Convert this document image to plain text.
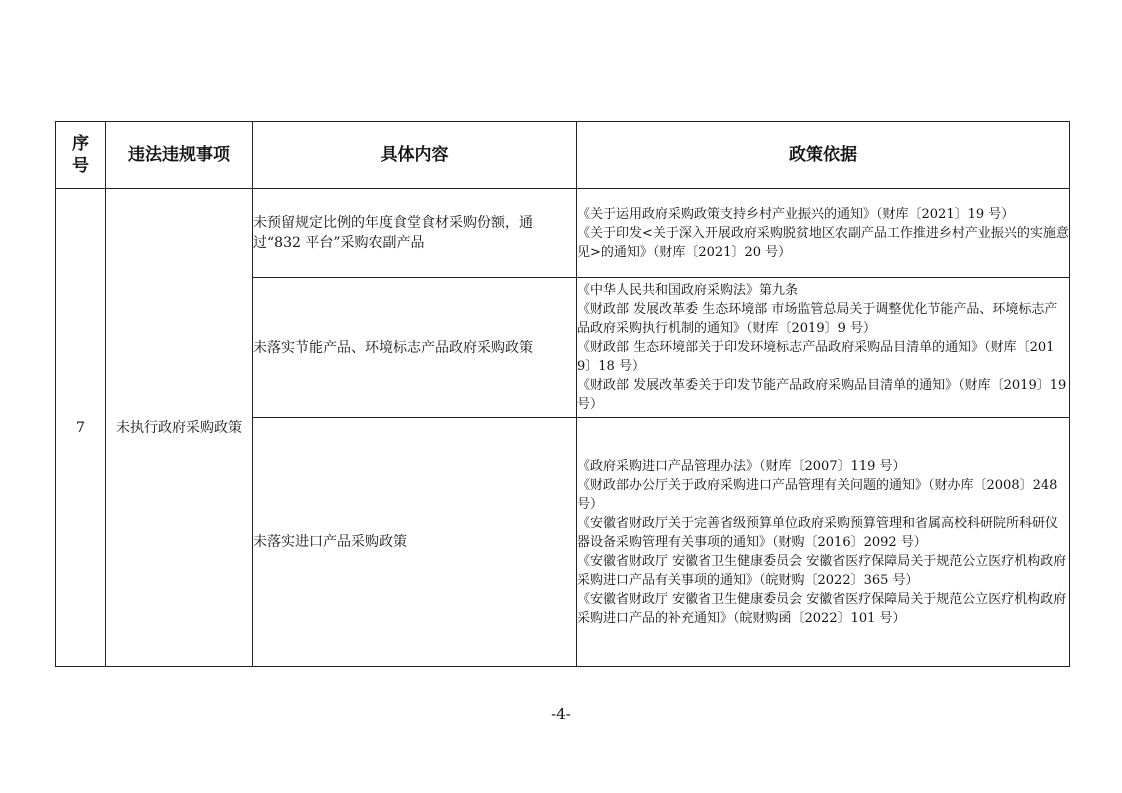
序号	违法违规事项	具体内容	政策依据
7	未执行政府采购政策	未预留规定比例的年度食堂食材采购份额，通过“832 平台”采购农副产品	《关于运用政府采购政策支持乡村产业振兴的通知》（财库〔2021〕19 号）
《关于印发<关于深入开展政府采购脱贫地区农副产品工作推进乡村产业振兴的实施意见>的通知》（财库〔2021〕20 号）

		未落实节能产品、环境标志产品政府采购政策	《中华人民共和国政府采购法》第九条
《财政部 发展改革委 生态环境部 市场监管总局关于调整优化节能产品、环境标志产品政府采购执行机制的通知》（财库〔2019〕9 号）
《财政部 生态环境部关于印发环境标志产品政府采购品目清单的通知》（财库〔2019〕18 号）
《财政部 发展改革委关于印发节能产品政府采购品目清单的通知》（财库〔2019〕19 号）

		未落实进口产品采购政策	《政府采购进口产品管理办法》（财库〔2007〕119 号）
《财政部办公厅关于政府采购进口产品管理有关问题的通知》（财办库〔2008〕248 号）
《安徽省财政厅关于完善省级预算单位政府采购预算管理和省属高校科研院所科研仪器设备采购管理有关事项的通知》（财购〔2016〕2092 号）
《安徽省财政厅 安徽省卫生健康委员会 安徽省医疗保障局关于规范公立医疗机构政府采购进口产品有关事项的通知》（皖财购〔2022〕365 号）
《安徽省财政厅 安徽省卫生健康委员会 安徽省医疗保障局关于规范公立医疗机构政府采购进口产品的补充通知》（皖财购函〔2022〕101 号）
-4-
